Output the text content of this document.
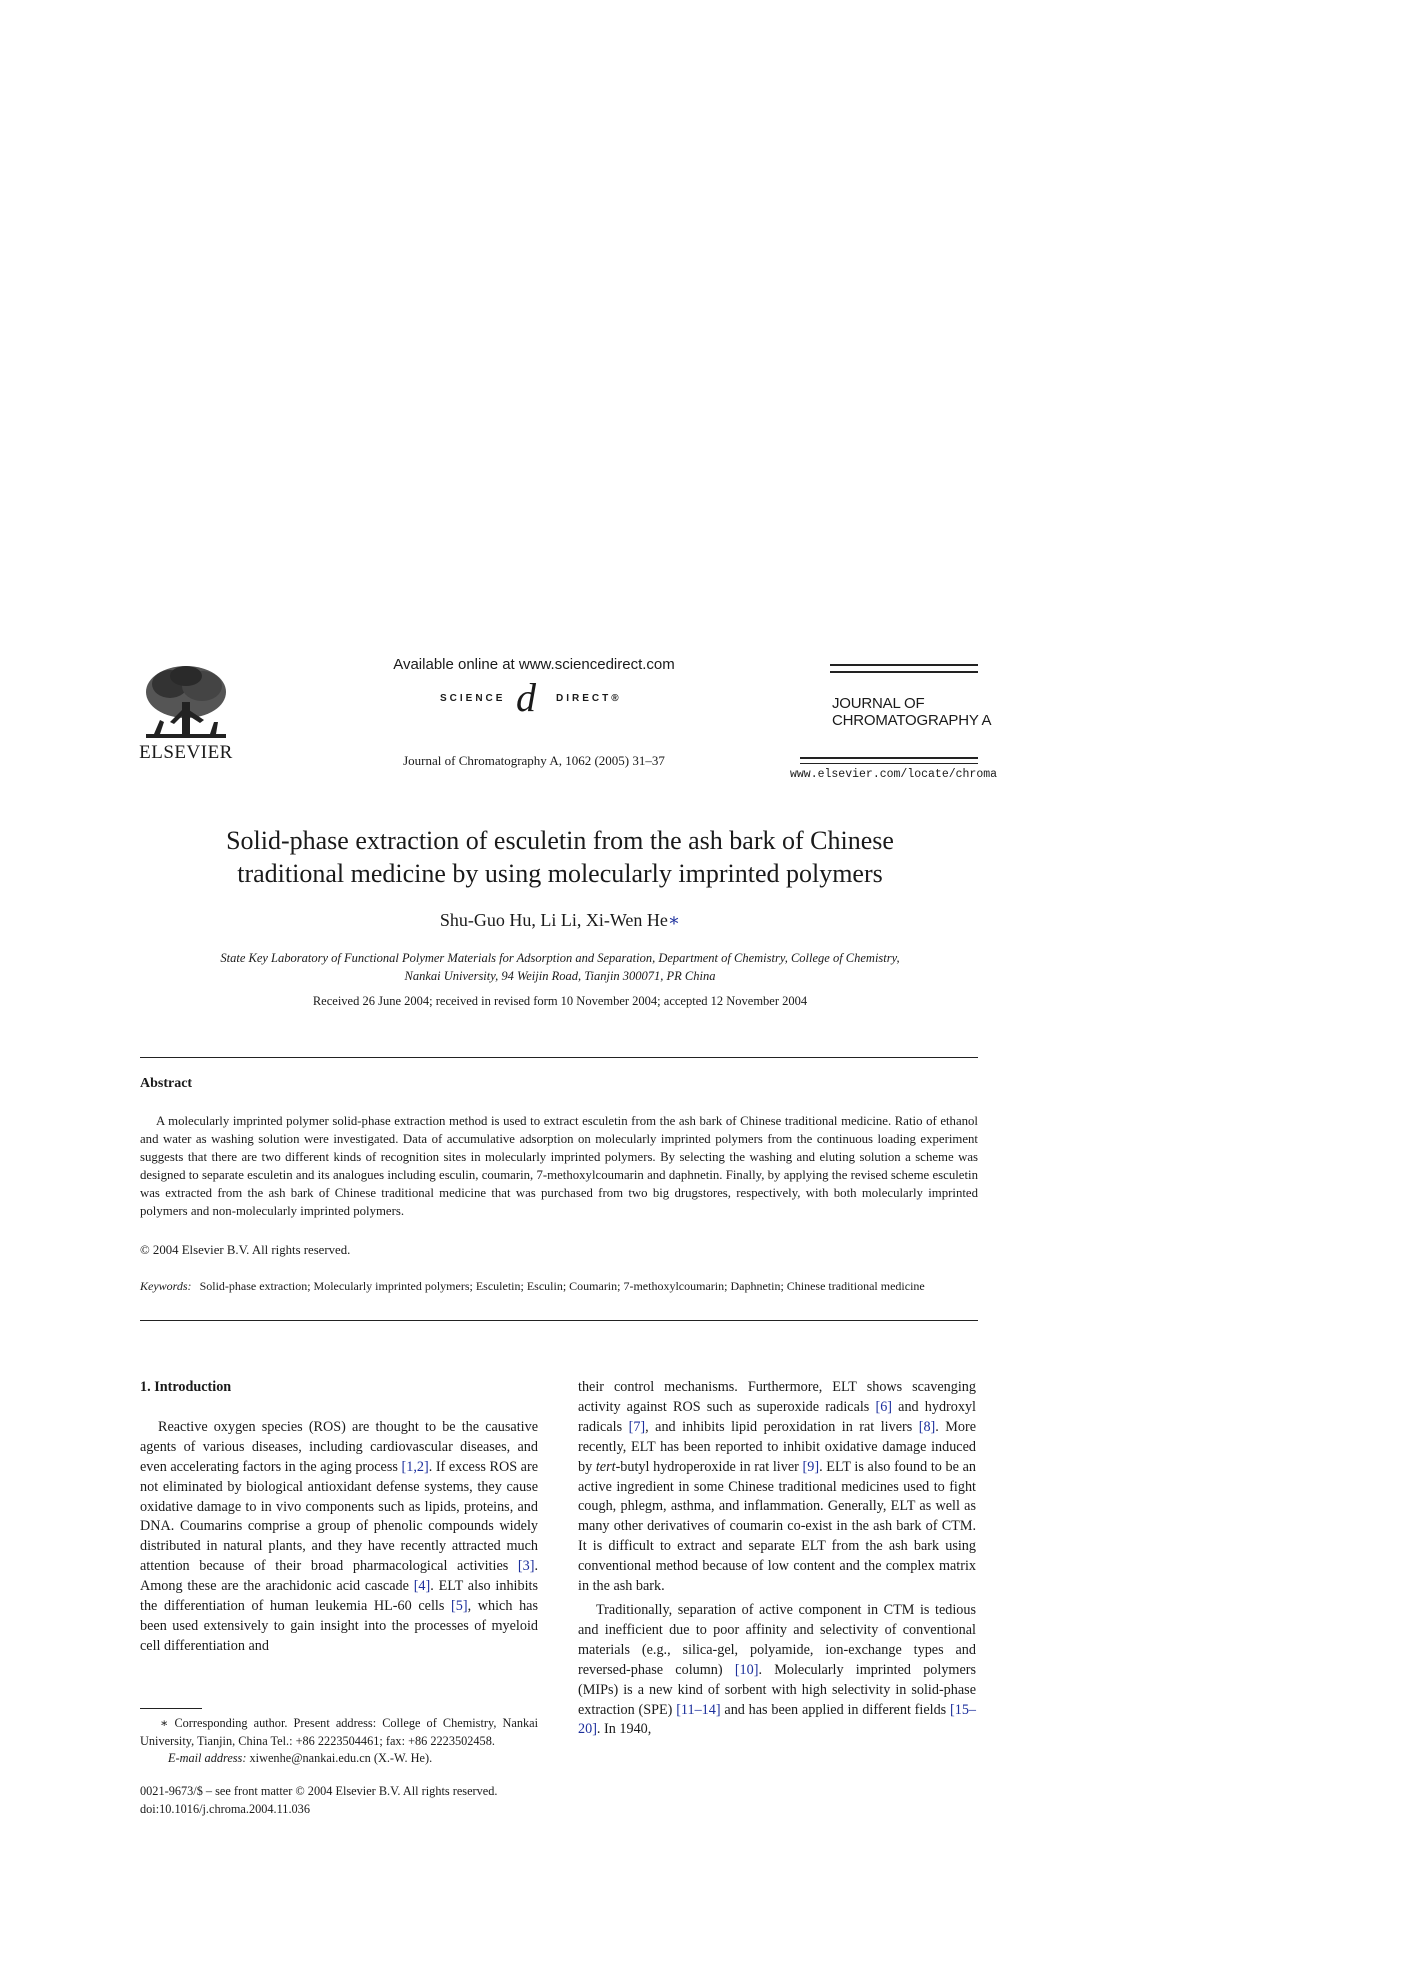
ELSEVIER
Available online at www.sciencedirect.com
SCIENCE d DIRECT®
Journal of Chromatography A, 1062 (2005) 31–37
JOURNAL OF
CHROMATOGRAPHY A
www.elsevier.com/locate/chroma
Solid-phase extraction of esculetin from the ash bark of Chinese
traditional medicine by using molecularly imprinted polymers
Shu-Guo Hu, Li Li, Xi-Wen He∗
State Key Laboratory of Functional Polymer Materials for Adsorption and Separation, Department of Chemistry, College of Chemistry,
Nankai University, 94 Weijin Road, Tianjin 300071, PR China
Received 26 June 2004; received in revised form 10 November 2004; accepted 12 November 2004
Abstract
A molecularly imprinted polymer solid-phase extraction method is used to extract esculetin from the ash bark of Chinese traditional medicine. Ratio of ethanol and water as washing solution were investigated. Data of accumulative adsorption on molecularly imprinted polymers from the continuous loading experiment suggests that there are two different kinds of recognition sites in molecularly imprinted polymers. By selecting the washing and eluting solution a scheme was designed to separate esculetin and its analogues including esculin, coumarin, 7-methoxylcoumarin and daphnetin. Finally, by applying the revised scheme esculetin was extracted from the ash bark of Chinese traditional medicine that was purchased from two big drugstores, respectively, with both molecularly imprinted polymers and non-molecularly imprinted polymers.
© 2004 Elsevier B.V. All rights reserved.
Keywords: Solid-phase extraction; Molecularly imprinted polymers; Esculetin; Esculin; Coumarin; 7-methoxylcoumarin; Daphnetin; Chinese traditional medicine
1. Introduction

Reactive oxygen species (ROS) are thought to be the causative agents of various diseases, including cardiovascular diseases, and even accelerating factors in the aging process [1,2]. If excess ROS are not eliminated by biological antioxidant defense systems, they cause oxidative damage to in vivo components such as lipids, proteins, and DNA. Coumarins comprise a group of phenolic compounds widely distributed in natural plants, and they have recently attracted much attention because of their broad pharmacological activities [3]. Among these are the arachidonic acid cascade [4]. ELT also inhibits the differentiation of human leukemia HL-60 cells [5], which has been used extensively to gain insight into the processes of myeloid cell differentiation and

their control mechanisms. Furthermore, ELT shows scavenging activity against ROS such as superoxide radicals [6] and hydroxyl radicals [7], and inhibits lipid peroxidation in rat livers [8]. More recently, ELT has been reported to inhibit oxidative damage induced by tert-butyl hydroperoxide in rat liver [9]. ELT is also found to be an active ingredient in some Chinese traditional medicines used to fight cough, phlegm, asthma, and inflammation. Generally, ELT as well as many other derivatives of coumarin co-exist in the ash bark of CTM. It is difficult to extract and separate ELT from the ash bark using conventional method because of low content and the complex matrix in the ash bark.

Traditionally, separation of active component in CTM is tedious and inefficient due to poor affinity and selectivity of conventional materials (e.g., silica-gel, polyamide, ion-exchange types and reversed-phase column) [10]. Molecularly imprinted polymers (MIPs) is a new kind of sorbent with high selectivity in solid-phase extraction (SPE) [11–14] and has been applied in different fields [15–20]. In 1940,

∗ Corresponding author. Present address: College of Chemistry, Nankai University, Tianjin, China Tel.: +86 2223504461; fax: +86 2223502458.
E-mail address: xiwenhe@nankai.edu.cn (X.-W. He).
0021-9673/$ – see front matter © 2004 Elsevier B.V. All rights reserved.
doi:10.1016/j.chroma.2004.11.036
